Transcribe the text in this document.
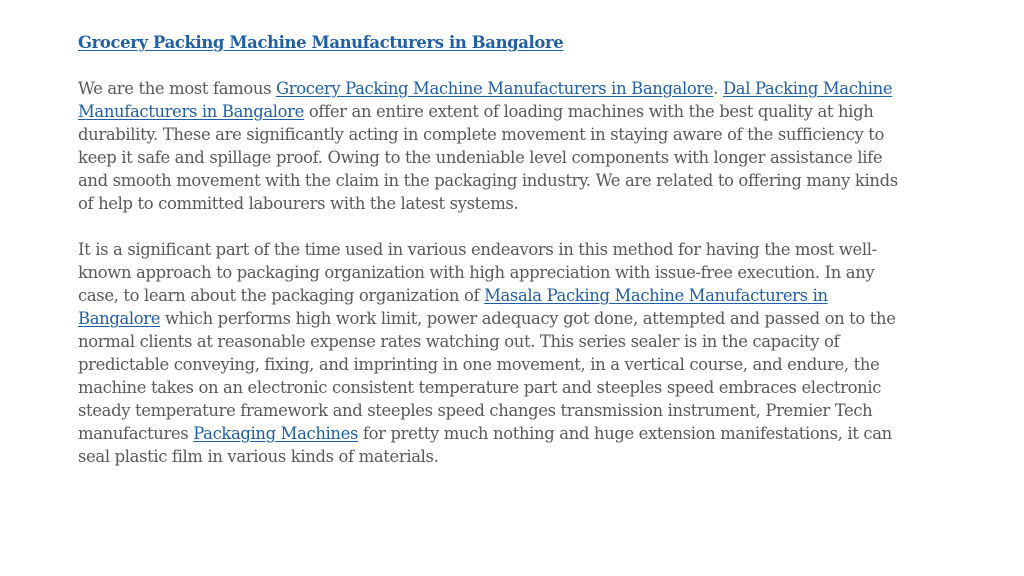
Grocery Packing Machine Manufacturers in Bangalore

We are the most famous Grocery Packing Machine Manufacturers in Bangalore. Dal Packing Machine Manufacturers in Bangalore offer an entire extent of loading machines with the best quality at high durability. These are significantly acting in complete movement in staying aware of the sufficiency to keep it safe and spillage proof. Owing to the undeniable level components with longer assistance life and smooth movement with the claim in the packaging industry. We are related to offering many kinds of help to committed labourers with the latest systems.

It is a significant part of the time used in various endeavors in this method for having the most well-known approach to packaging organization with high appreciation with issue-free execution. In any case, to learn about the packaging organization of Masala Packing Machine Manufacturers in Bangalore which performs high work limit, power adequacy got done, attempted and passed on to the normal clients at reasonable expense rates watching out. This series sealer is in the capacity of predictable conveying, fixing, and imprinting in one movement, in a vertical course, and endure, the machine takes on an electronic consistent temperature part and steeples speed embraces electronic steady temperature framework and steeples speed changes transmission instrument, Premier Tech manufactures Packaging Machines for pretty much nothing and huge extension manifestations, it can seal plastic film in various kinds of materials.
